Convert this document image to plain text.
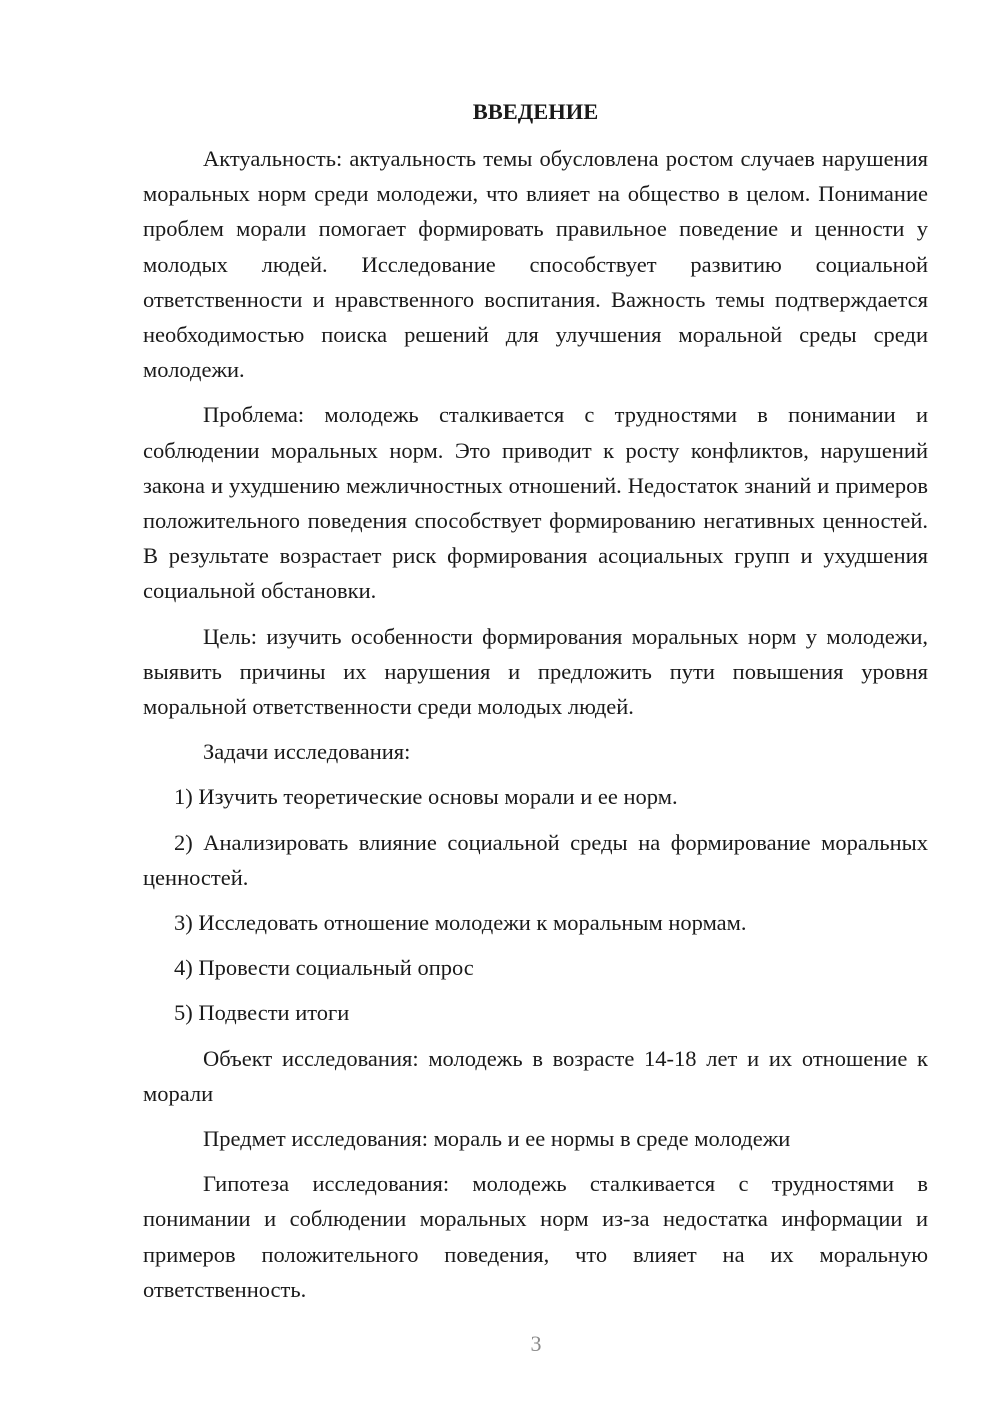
ВВЕДЕНИЕ

Актуальность: актуальность темы обусловлена ростом случаев нарушения моральных норм среди молодежи, что влияет на общество в целом. Понимание проблем морали помогает формировать правильное поведение и ценности у молодых людей. Исследование способствует развитию социальной ответственности и нравственного воспитания. Важность темы подтверждается необходимостью поиска решений для улучшения моральной среды среди молодежи.

Проблема: молодежь сталкивается с трудностями в понимании и соблюдении моральных норм. Это приводит к росту конфликтов, нарушений закона и ухудшению межличностных отношений. Недостаток знаний и примеров положительного поведения способствует формированию негативных ценностей. В результате возрастает риск формирования асоциальных групп и ухудшения социальной обстановки.

Цель: изучить особенности формирования моральных норм у молодежи, выявить причины их нарушения и предложить пути повышения уровня моральной ответственности среди молодых людей.

Задачи исследования:

1) Изучить теоретические основы морали и ее норм.

2) Анализировать влияние социальной среды на формирование моральных ценностей.

3) Исследовать отношение молодежи к моральным нормам.

4) Провести социальный опрос

5) Подвести итоги

Объект исследования: молодежь в возрасте 14-18 лет и их отношение к морали

Предмет исследования: мораль и ее нормы в среде молодежи

Гипотеза исследования: молодежь сталкивается с трудностями в понимании и соблюдении моральных норм из-за недостатка информации и примеров положительного поведения, что влияет на их моральную ответственность.

3
